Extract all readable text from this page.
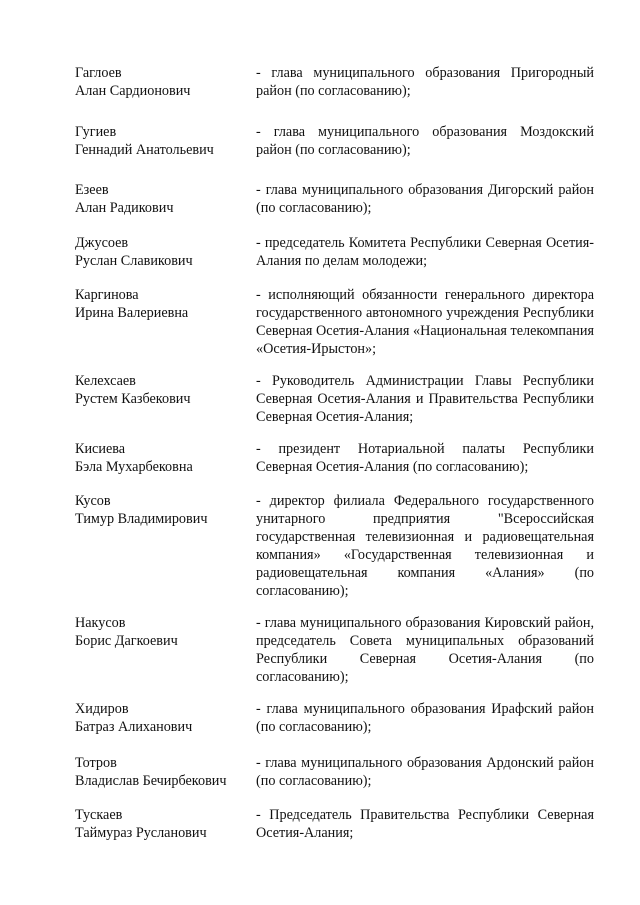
Гаглоев
Алан Сардионович
- глава муниципального образования Пригородный район (по согласованию);
Гугиев
Геннадий Анатольевич
- глава муниципального образования Моздокский район (по согласованию);
Езеев
Алан Радикович
- глава муниципального образования Дигорский район (по согласованию);
Джусоев
Руслан Славикович
- председатель Комитета Республики Северная Осетия-Алания по делам молодежи;
Каргинова
Ирина Валериевна
- исполняющий обязанности генерального директора государственного автономного учреждения Республики Северная Осетия-Алания «Национальная телекомпания «Осетия-Ирыстон»;
Келехсаев
Рустем Казбекович
- Руководитель Администрации Главы Республики Северная Осетия-Алания и Правительства Республики Северная Осетия-Алания;
Кисиева
Бэла Мухарбековна
- президент Нотариальной палаты Республики Северная Осетия-Алания (по согласованию);
Кусов
Тимур Владимирович
- директор филиала Федерального государственного унитарного предприятия "Всероссийская государственная телевизионная и радиовещательная компания» «Государственная телевизионная и радиовещательная компания «Алания» (по согласованию);
Накусов
Борис Дагкоевич
- глава муниципального образования Кировский район, председатель Совета муниципальных образований Республики Северная Осетия-Алания (по согласованию);
Хидиров
Батраз Алиханович
- глава муниципального образования Ирафский район (по согласованию);
Тотров
Владислав Бечирбекович
- глава муниципального образования Ардонский район (по согласованию);
Тускаев
Таймураз Русланович
- Председатель Правительства Республики Северная Осетия-Алания;
